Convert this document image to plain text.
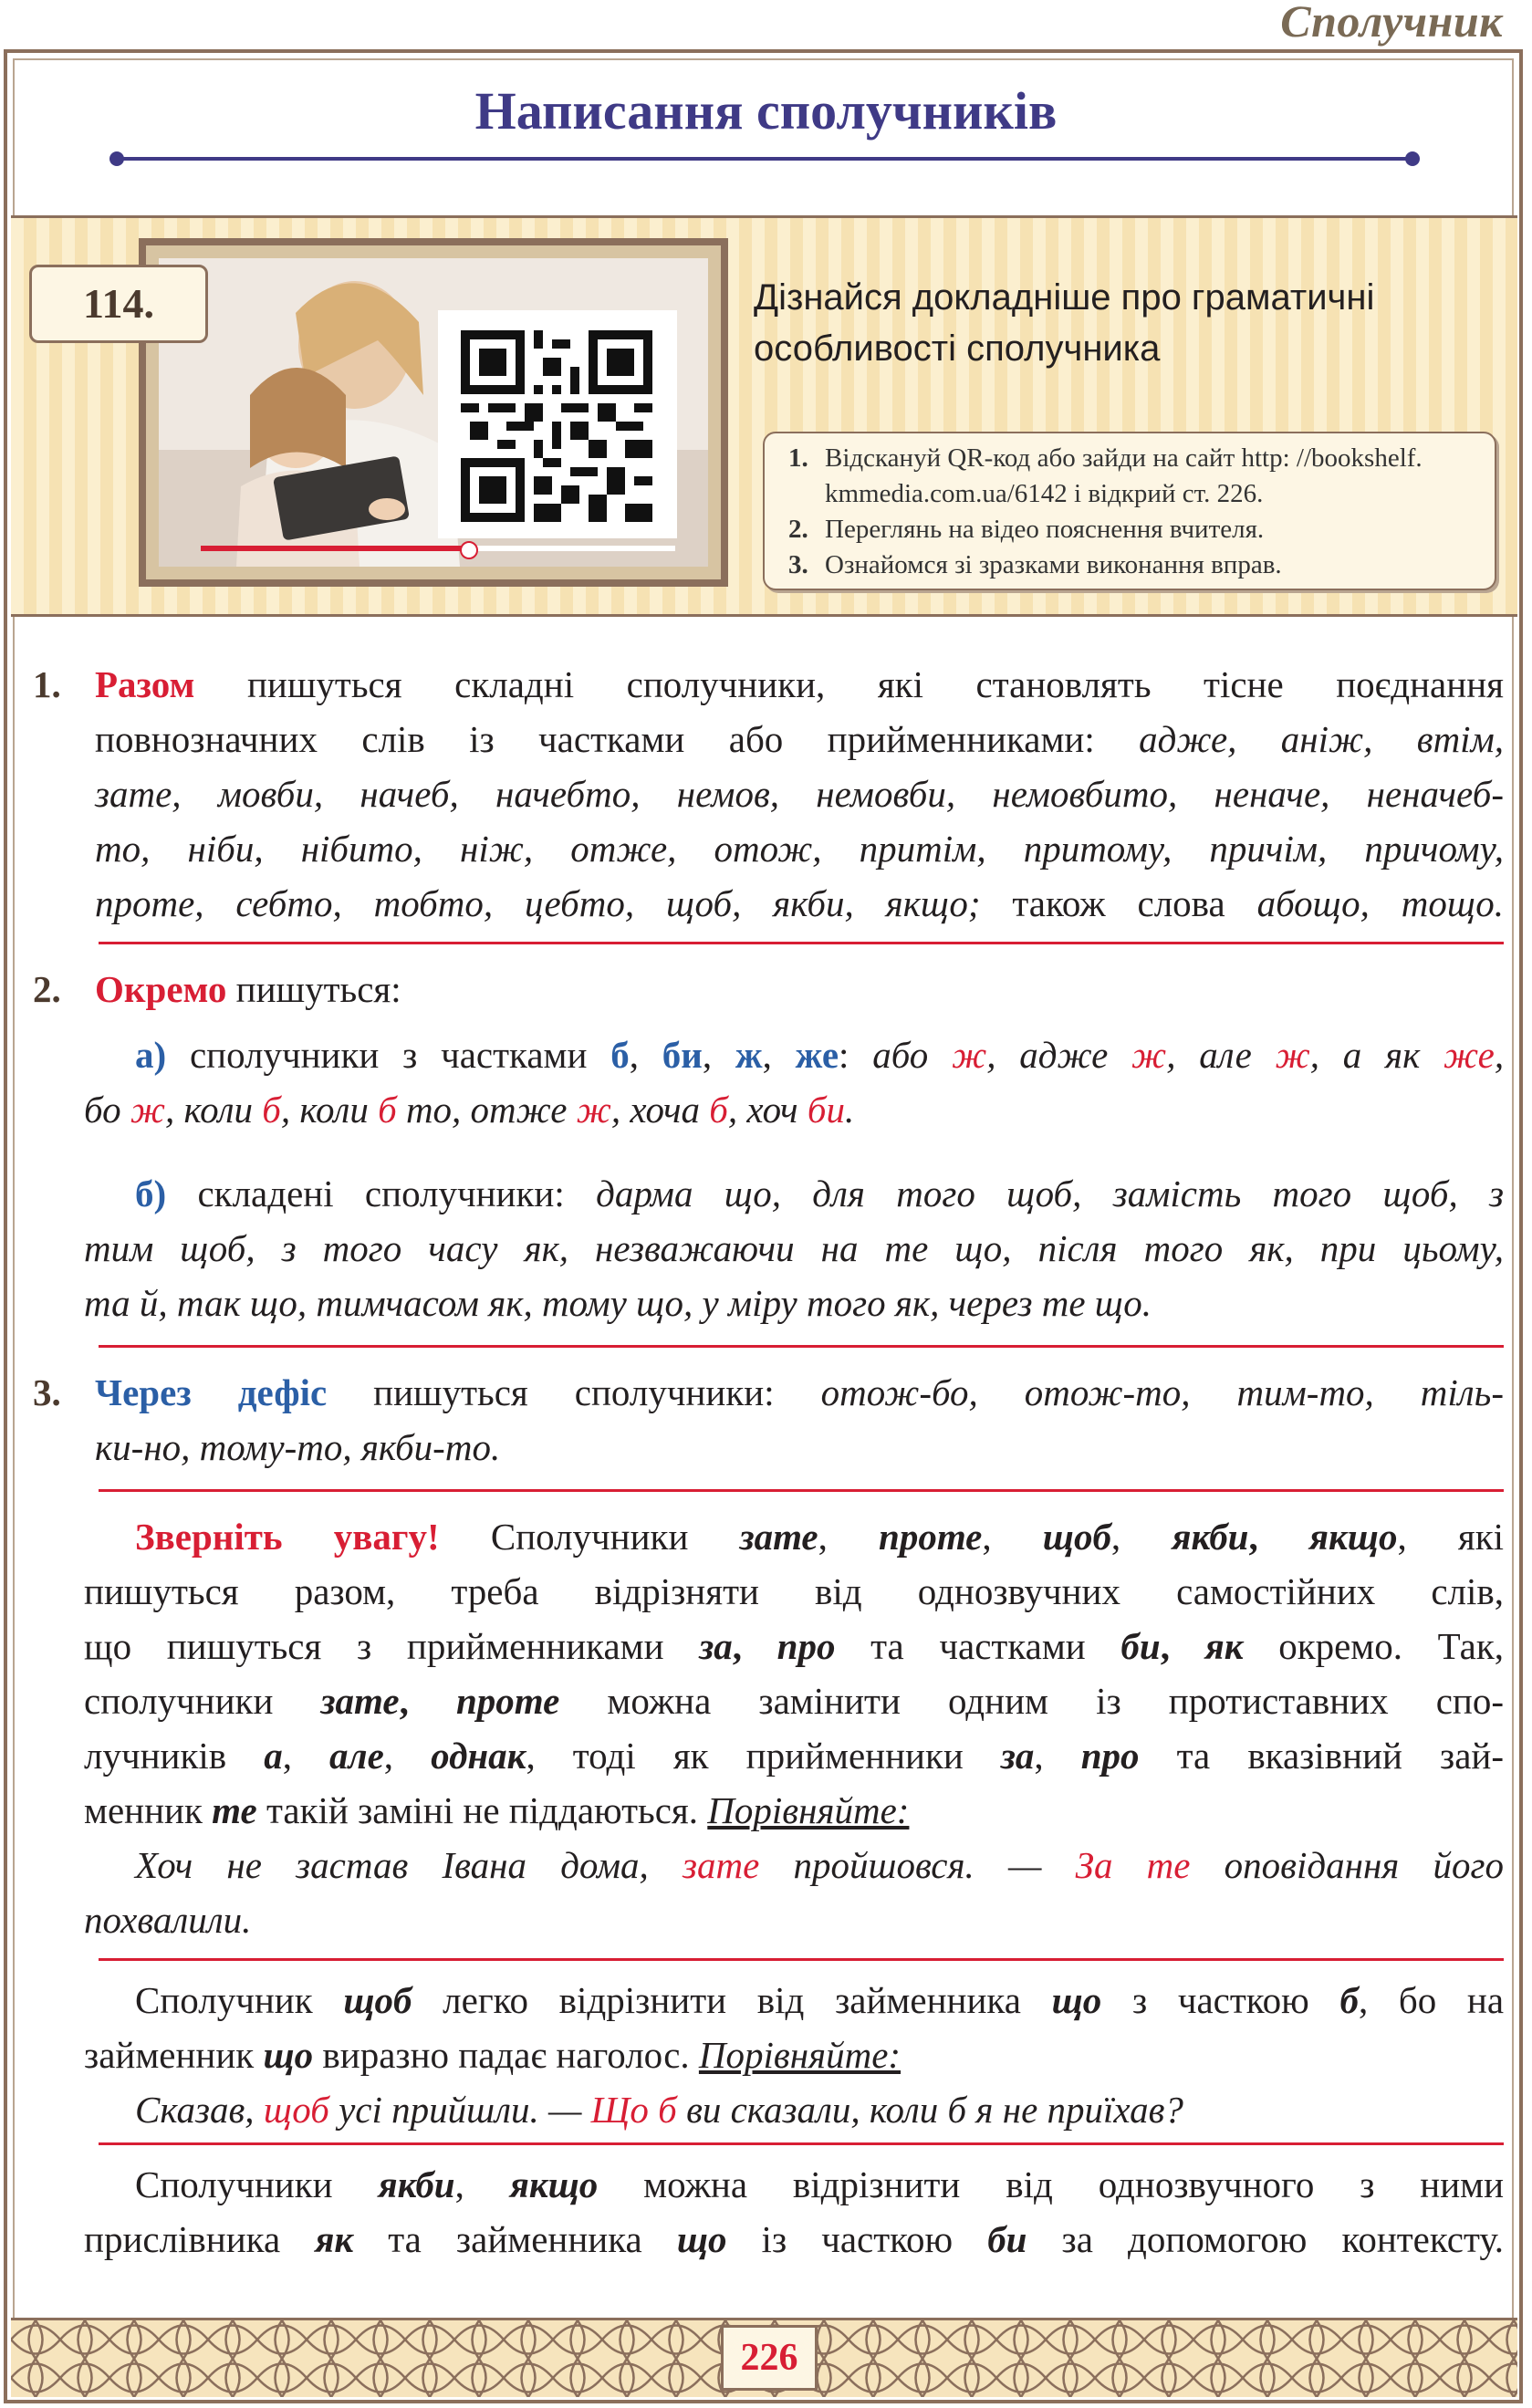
Сполучник
Написання сполучників
114.	Дізнайся докладніше про граматичні
особливості сполучника
1. Відскануй QR-код або зайди на сайт http: //bookshelf.
kmmedia.com.ua/6142 і відкрий ст. 226.
2. Переглянь на відео пояснення вчителя.
3. Ознайомся зі зразками виконання вправ.
1. Разом пишуться складні сполучники, які становлять тісне поєднання
повнозначних слів із частками або прийменниками: адже, аніж, втім,
зате, мовби, начеб, начебто, немов, немовби, немовбито, неначе, неначеб-
то, ніби, нібито, ніж, отже, отож, притім, притому, причім, причому,
проте, себто, тобто, цебто, щоб, якби, якщо; також слова абощо, тощо.
2. Окремо пишуться:
а) сполучники з частками б, би, ж, же: або ж, адже ж, але ж, а як же,
бо ж, коли б, коли б то, отже ж, хоча б, хоч би.
б) складені сполучники: дарма що, для того щоб, замість того щоб, з
тим щоб, з того часу як, незважаючи на те що, після того як, при цьому,
та й, так що, тимчасом як, тому що, у міру того як, через те що.
3. Через дефіс пишуться сполучники: отож-бо, отож-то, тим-то, тіль-
ки-но, тому-то, якби-то.
Зверніть увагу! Сполучники зате, проте, щоб, якби, якщо, які
пишуться разом, треба відрізняти від однозвучних самостійних слів,
що пишуться з прийменниками за, про та частками би, як окремо. Так,
сполучники зате, проте можна замінити одним із протиставних спо-
лучників а, але, однак, тоді як прийменники за, про та вказівний зай-
менник те такій заміні не піддаються. Порівняйте:
Хоч не застав Івана дома, зате пройшовся. — За те оповідання його
похвалили.
Сполучник щоб легко відрізнити від займенника що з часткою б, бо на
займенник що виразно падає наголос. Порівняйте:
Сказав, щоб усі прийшли. — Що б ви сказали, коли б я не приїхав?
Сполучники якби, якщо можна відрізнити від однозвучного з ними
прислівника як та займенника що із часткою би за допомогою контексту.
226
